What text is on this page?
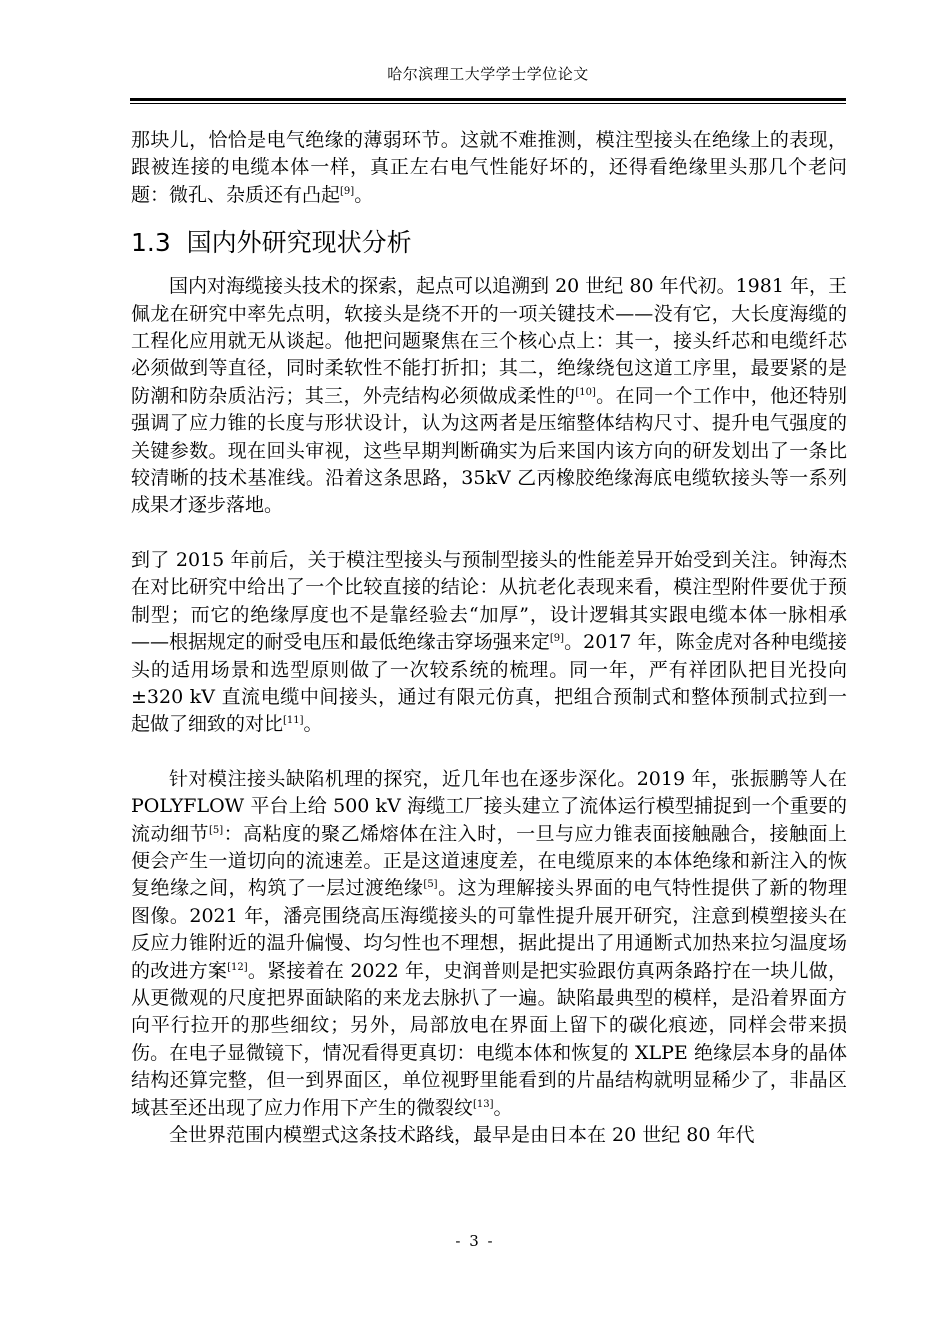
哈尔滨理工大学学士学位论文

那块儿，恰恰是电气绝缘的薄弱环节。这就不难推测，模注型接头在绝缘上的表现，跟被连接的电缆本体一样，真正左右电气性能好坏的，还得看绝缘里头那几个老问题：微孔、杂质还有凸起[9]。

1.3 国内外研究现状分析

国内对海缆接头技术的探索，起点可以追溯到 20 世纪 80 年代初。1981 年，王佩龙在研究中率先点明，软接头是绕不开的一项关键技术——没有它，大长度海缆的工程化应用就无从谈起。他把问题聚焦在三个核心点上：其一，接头纤芯和电缆纤芯必须做到等直径，同时柔软性不能打折扣；其二，绝缘绕包这道工序里，最要紧的是防潮和防杂质沾污；其三，外壳结构必须做成柔性的[10]。在同一个工作中，他还特别强调了应力锥的长度与形状设计，认为这两者是压缩整体结构尺寸、提升电气强度的关键参数。现在回头审视，这些早期判断确实为后来国内该方向的研发划出了一条比较清晰的技术基准线。沿着这条思路，35kV 乙丙橡胶绝缘海底电缆软接头等一系列成果才逐步落地。

到了 2015 年前后，关于模注型接头与预制型接头的性能差异开始受到关注。钟海杰在对比研究中给出了一个比较直接的结论：从抗老化表现来看，模注型附件要优于预制型；而它的绝缘厚度也不是靠经验去“加厚”，设计逻辑其实跟电缆本体一脉相承——根据规定的耐受电压和最低绝缘击穿场强来定[9]。2017 年，陈金虎对各种电缆接头的适用场景和选型原则做了一次较系统的梳理。同一年，严有祥团队把目光投向±320 kV 直流电缆中间接头，通过有限元仿真，把组合预制式和整体预制式拉到一起做了细致的对比[11]。

针对模注接头缺陷机理的探究，近几年也在逐步深化。2019 年，张振鹏等人在 POLYFLOW 平台上给 500 kV 海缆工厂接头建立了流体运行模型捕捉到一个重要的流动细节[5]：高粘度的聚乙烯熔体在注入时，一旦与应力锥表面接触融合，接触面上便会产生一道切向的流速差。正是这道速度差，在电缆原来的本体绝缘和新注入的恢复绝缘之间，构筑了一层过渡绝缘[5]。这为理解接头界面的电气特性提供了新的物理图像。2021 年，潘亮围绕高压海缆接头的可靠性提升展开研究，注意到模塑接头在反应力锥附近的温升偏慢、均匀性也不理想，据此提出了用通断式加热来拉匀温度场的改进方案[12]。紧接着在 2022 年，史润普则是把实验跟仿真两条路拧在一块儿做，从更微观的尺度把界面缺陷的来龙去脉扒了一遍。缺陷最典型的模样，是沿着界面方向平行拉开的那些细纹；另外，局部放电在界面上留下的碳化痕迹，同样会带来损伤。在电子显微镜下，情况看得更真切：电缆本体和恢复的 XLPE 绝缘层本身的晶体结构还算完整，但一到界面区，单位视野里能看到的片晶结构就明显稀少了，非晶区域甚至还出现了应力作用下产生的微裂纹[13]。

全世界范围内模塑式这条技术路线，最早是由日本在 20 世纪 80 年代

- 3 -
